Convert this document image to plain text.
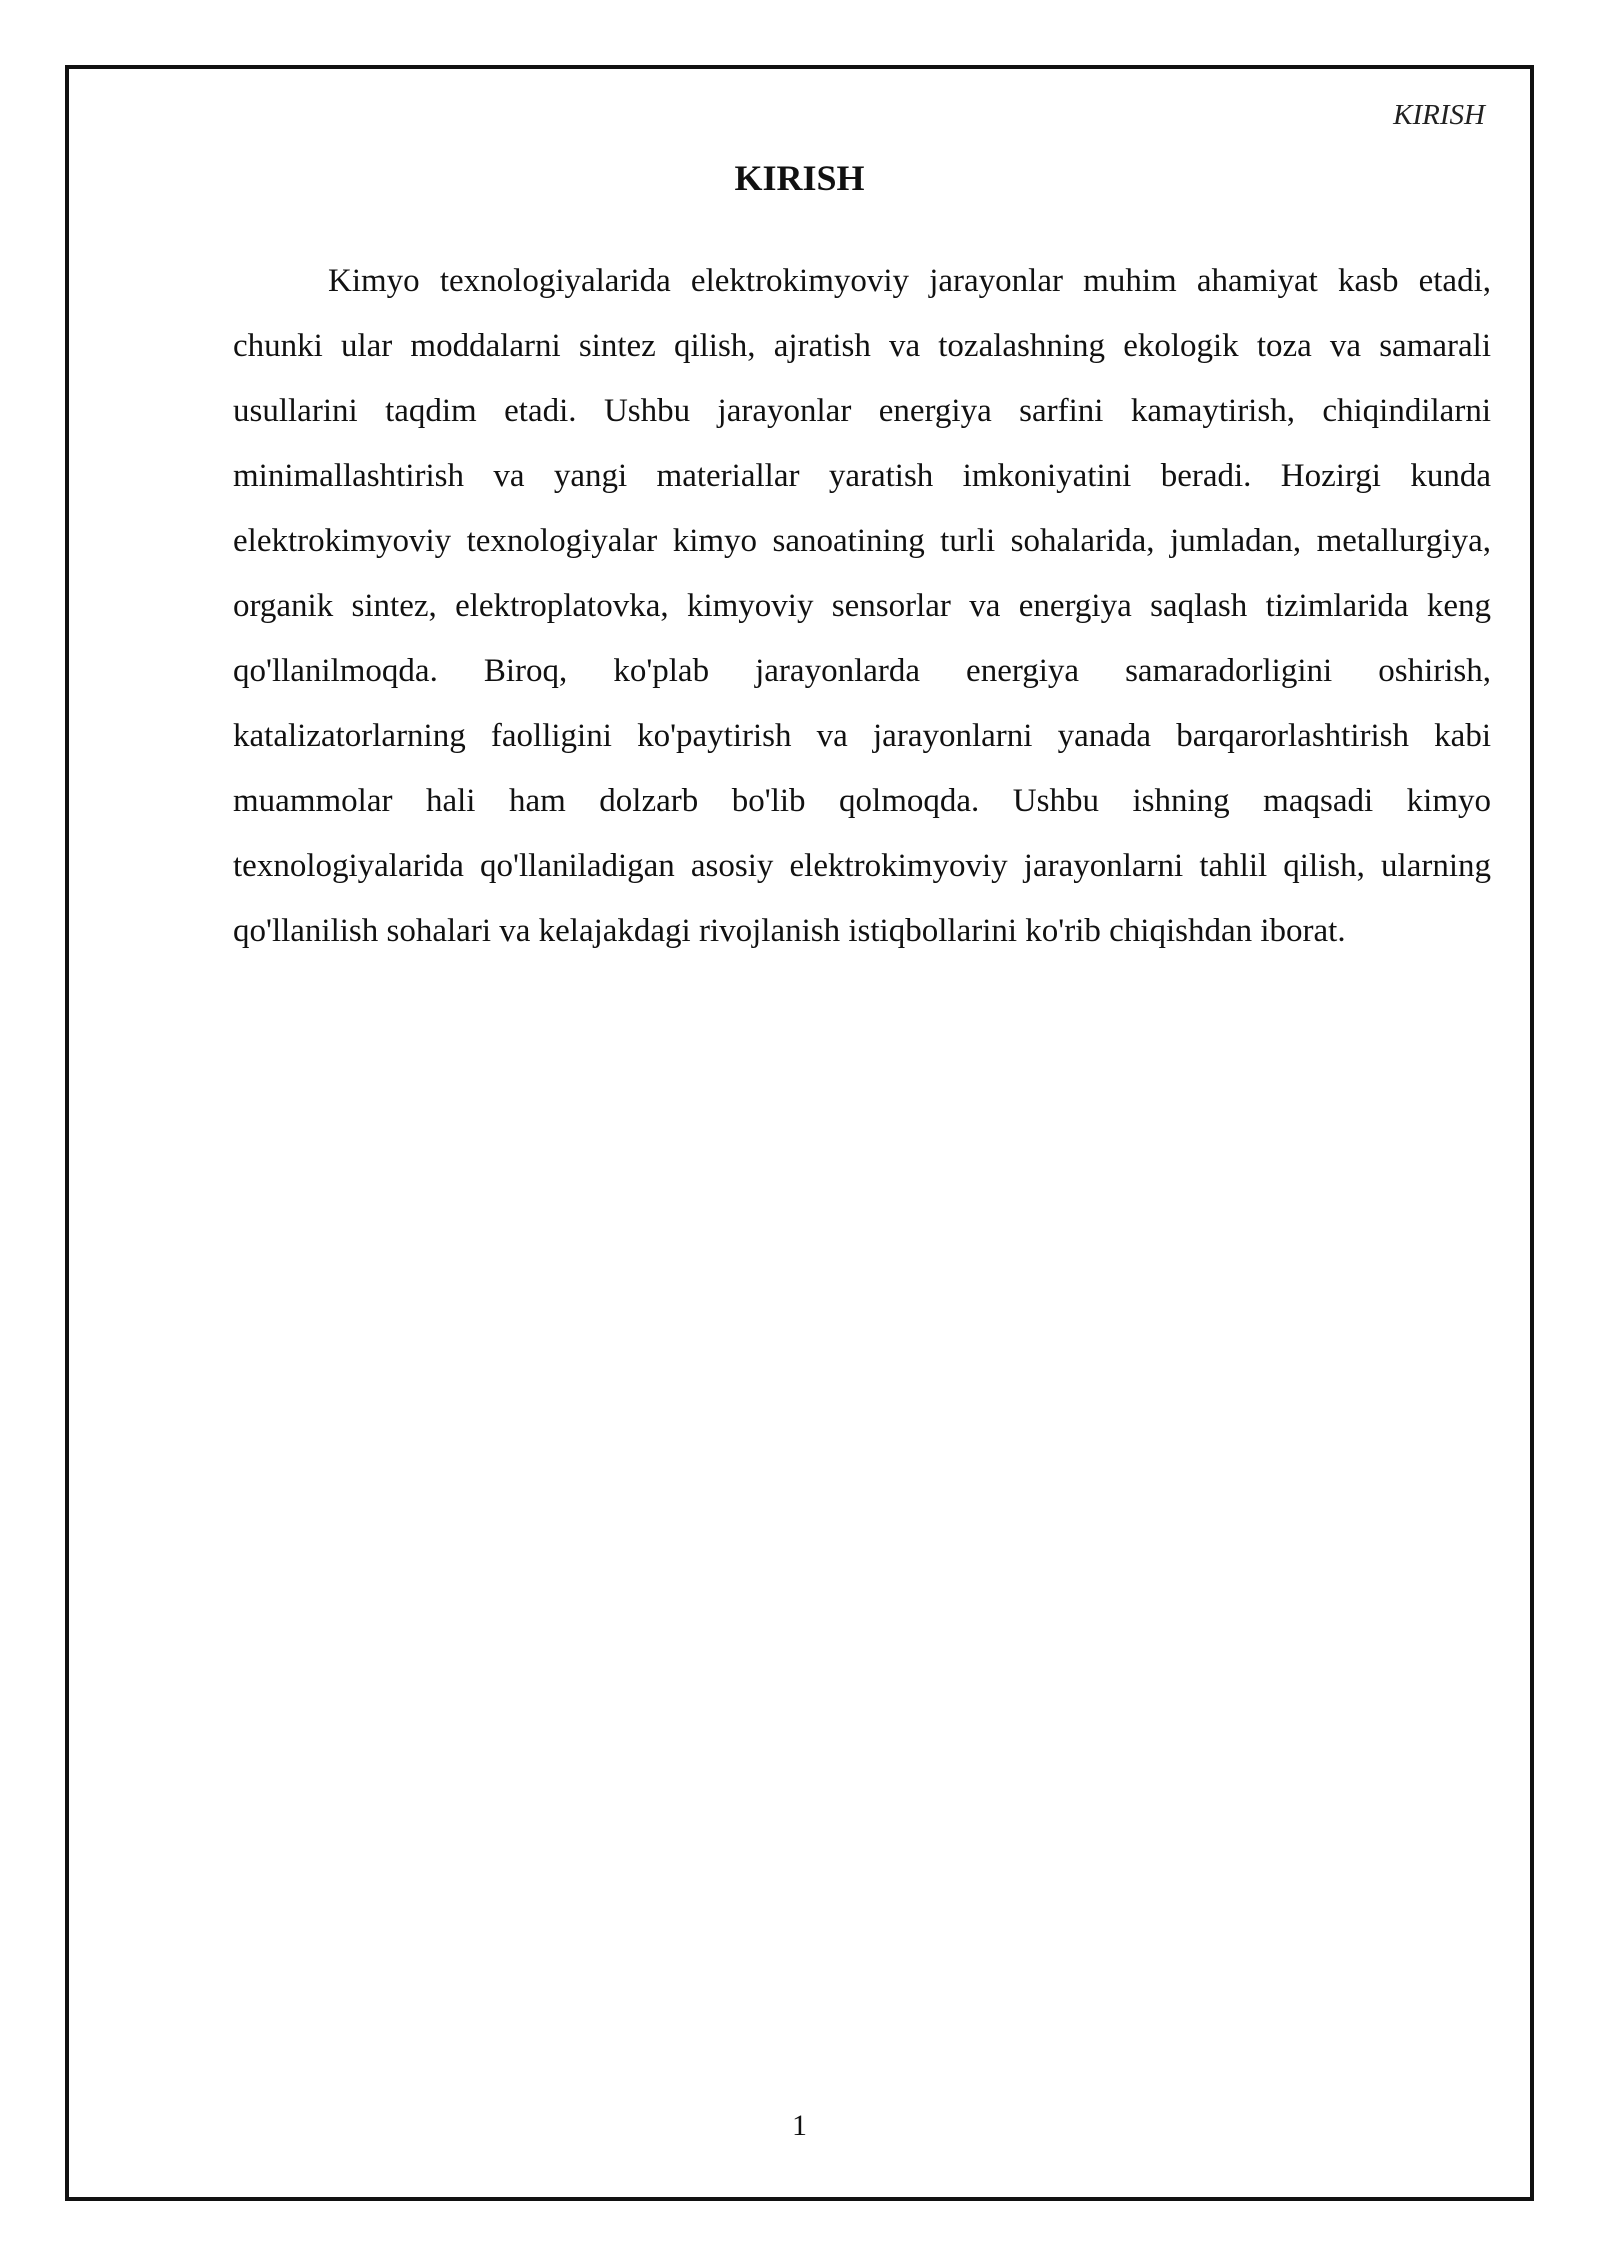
KIRISH
KIRISH

Kimyo texnologiyalarida elektrokimyoviy jarayonlar muhim ahamiyat kasb etadi, chunki ular moddalarni sintez qilish, ajratish va tozalashning ekologik toza va samarali usullarini taqdim etadi. Ushbu jarayonlar energiya sarfini kamaytirish, chiqindilarni minimallashtirish va yangi materiallar yaratish imkoniyatini beradi. Hozirgi kunda elektrokimyoviy texnologiyalar kimyo sanoatining turli sohalarida, jumladan, metallurgiya, organik sintez, elektroplatovka, kimyoviy sensorlar va energiya saqlash tizimlarida keng qo'llanilmoqda. Biroq, ko'plab jarayonlarda energiya samaradorligini oshirish, katalizatorlarning faolligini ko'paytirish va jarayonlarni yanada barqarorlashtirish kabi muammolar hali ham dolzarb bo'lib qolmoqda. Ushbu ishning maqsadi kimyo texnologiyalarida qo'llaniladigan asosiy elektrokimyoviy jarayonlarni tahlil qilish, ularning qo'llanilish sohalari va kelajakdagi rivojlanish istiqbollarini ko'rib chiqishdan iborat.

1
